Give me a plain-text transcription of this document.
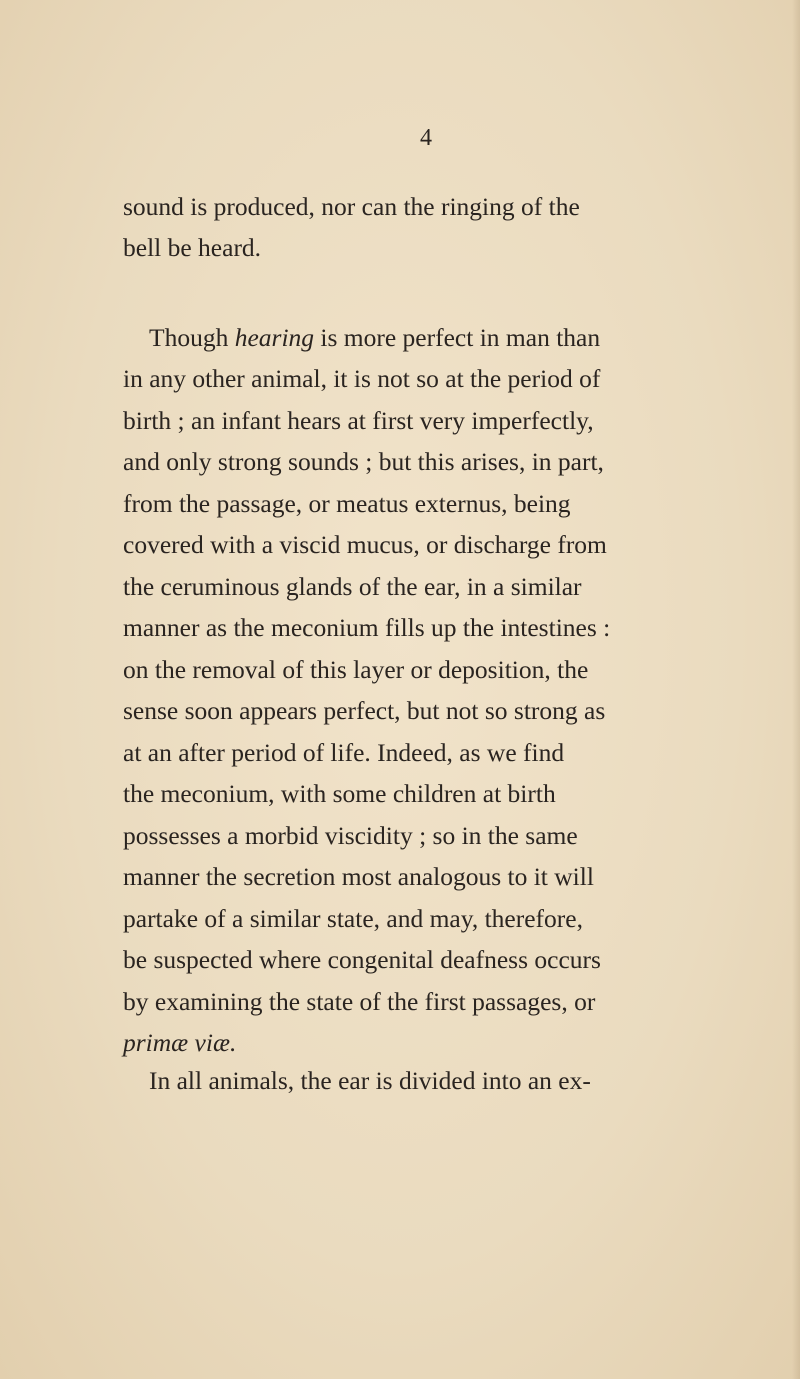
4
sound is produced, nor can the ringing of the
bell be heard.
Though hearing is more perfect in man than
in any other animal, it is not so at the period of
birth ; an infant hears at first very imperfectly,
and only strong sounds ; but this arises, in part,
from the passage, or meatus externus, being
covered with a viscid mucus, or discharge from
the ceruminous glands of the ear, in a similar
manner as the meconium fills up the intestines :
on the removal of this layer or deposition, the
sense soon appears perfect, but not so strong as
at an after period of life. Indeed, as we find
the meconium, with some children at birth
possesses a morbid viscidity ; so in the same
manner the secretion most analogous to it will
partake of a similar state, and may, therefore,
be suspected where congenital deafness occurs
by examining the state of the first passages, or
primæ viæ.
In all animals, the ear is divided into an ex-
